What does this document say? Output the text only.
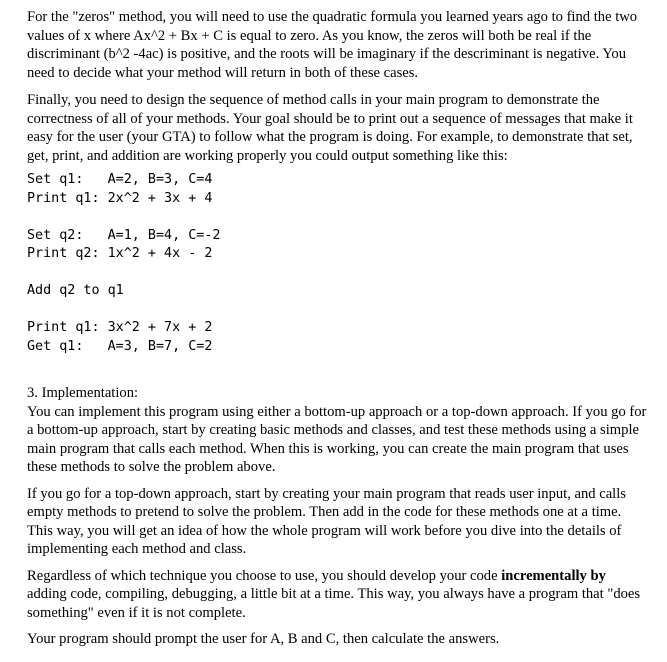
For the "zeros" method, you will need to use the quadratic formula you learned years ago to find the two values of x where Ax^2 + Bx + C is equal to zero. As you know, the zeros will both be real if the discriminant (b^2 -4ac) is positive, and the roots will be imaginary if the descriminant is negative. You need to decide what your method will return in both of these cases.

Finally, you need to design the sequence of method calls in your main program to demonstrate the correctness of all of your methods. Your goal should be to print out a sequence of messages that make it easy for the user (your GTA) to follow what the program is doing. For example, to demonstrate that set, get, print, and addition are working properly you could output something like this:

Set q1:   A=2, B=3, C=4
Print q1: 2x^2 + 3x + 4
Set q2:   A=1, B=4, C=-2
Print q2: 1x^2 + 4x - 2
Add q2 to q1
Print q1: 3x^2 + 7x + 2
Get q1:   A=3, B=7, C=2

3. Implementation:

You can implement this program using either a bottom-up approach or a top-down approach. If you go for a bottom-up approach, start by creating basic methods and classes, and test these methods using a simple main program that calls each method. When this is working, you can create the main program that uses these methods to solve the problem above.

If you go for a top-down approach, start by creating your main program that reads user input, and calls empty methods to pretend to solve the problem. Then add in the code for these methods one at a time. This way, you will get an idea of how the whole program will work before you dive into the details of implementing each method and class.

Regardless of which technique you choose to use, you should develop your code incrementally by adding code, compiling, debugging, a little bit at a time. This way, you always have a program that "does something" even if it is not complete.

Your program should prompt the user for A, B and C, then calculate the answers.
